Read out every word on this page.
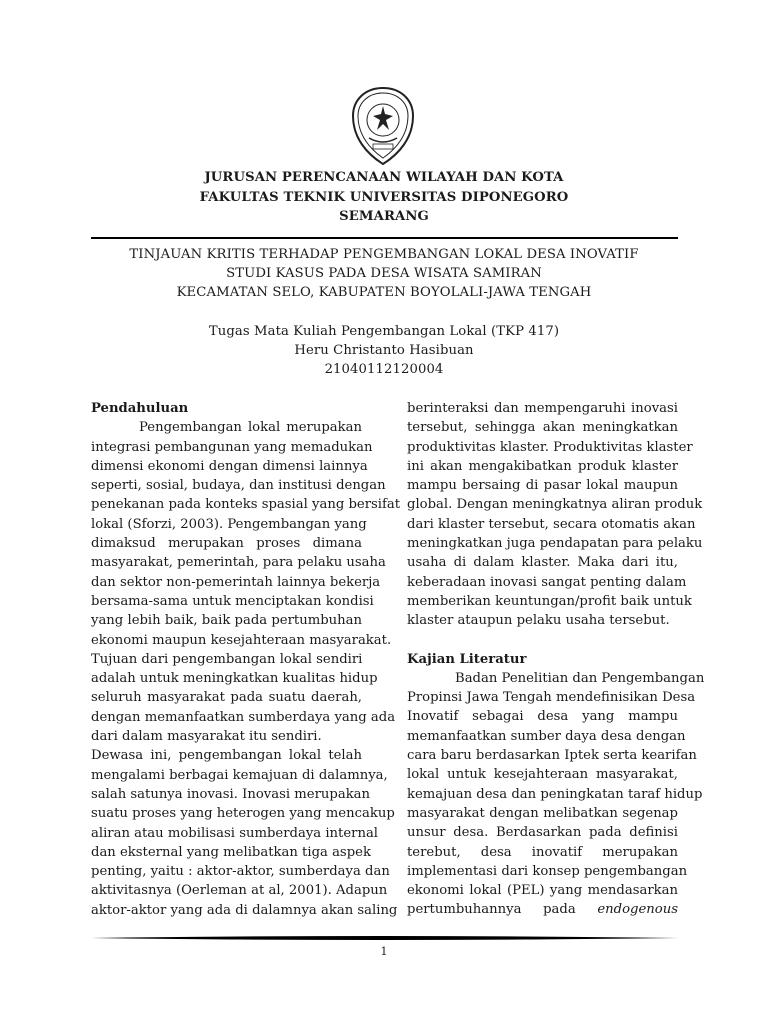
JURUSAN PERENCANAAN WILAYAH DAN KOTA
FAKULTAS TEKNIK UNIVERSITAS DIPONEGORO
SEMARANG
TINJAUAN KRITIS TERHADAP PENGEMBANGAN LOKAL DESA INOVATIF
STUDI KASUS PADA DESA WISATA SAMIRAN
KECAMATAN SELO, KABUPATEN BOYOLALI-JAWA TENGAH
Tugas Mata Kuliah Pengembangan Lokal (TKP 417)
Heru Christanto Hasibuan
21040112120004
Pendahuluan
Pengembangan lokal merupakan
integrasi pembangunan yang memadukan
dimensi ekonomi dengan dimensi lainnya
seperti, sosial, budaya, dan institusi dengan
penekanan pada konteks spasial yang bersifat
lokal (Sforzi, 2003). Pengembangan yang
dimaksud merupakan proses dimana
masyarakat, pemerintah, para pelaku usaha
dan sektor non-pemerintah lainnya bekerja
bersama-sama untuk menciptakan kondisi
yang lebih baik, baik pada pertumbuhan
ekonomi maupun kesejahteraan masyarakat.
Tujuan dari pengembangan lokal sendiri
adalah untuk meningkatkan kualitas hidup
seluruh masyarakat pada suatu daerah,
dengan memanfaatkan sumberdaya yang ada
dari dalam masyarakat itu sendiri.
Dewasa ini, pengembangan lokal telah
mengalami berbagai kemajuan di dalamnya,
salah satunya inovasi. Inovasi merupakan
suatu proses yang heterogen yang mencakup
aliran atau mobilisasi sumberdaya internal
dan eksternal yang melibatkan tiga aspek
penting, yaitu : aktor-aktor, sumberdaya dan
aktivitasnya (Oerleman at al, 2001). Adapun
aktor-aktor yang ada di dalamnya akan saling
berinteraksi dan mempengaruhi inovasi
tersebut, sehingga akan meningkatkan
produktivitas klaster. Produktivitas klaster
ini akan mengakibatkan produk klaster
mampu bersaing di pasar lokal maupun
global. Dengan meningkatnya aliran produk
dari klaster tersebut, secara otomatis akan
meningkatkan juga pendapatan para pelaku
usaha di dalam klaster. Maka dari itu,
keberadaan inovasi sangat penting dalam
memberikan keuntungan/profit baik untuk
klaster ataupun pelaku usaha tersebut.
Kajian Literatur
Badan Penelitian dan Pengembangan
Propinsi Jawa Tengah mendefinisikan Desa
Inovatif sebagai desa yang mampu
memanfaatkan sumber daya desa dengan
cara baru berdasarkan Iptek serta kearifan
lokal untuk kesejahteraan masyarakat,
kemajuan desa dan peningkatan taraf hidup
masyarakat dengan melibatkan segenap
unsur desa. Berdasarkan pada definisi
terebut, desa inovatif merupakan
implementasi dari konsep pengembangan
ekonomi lokal (PEL) yang mendasarkan
pertumbuhannya pada endogenous
1
